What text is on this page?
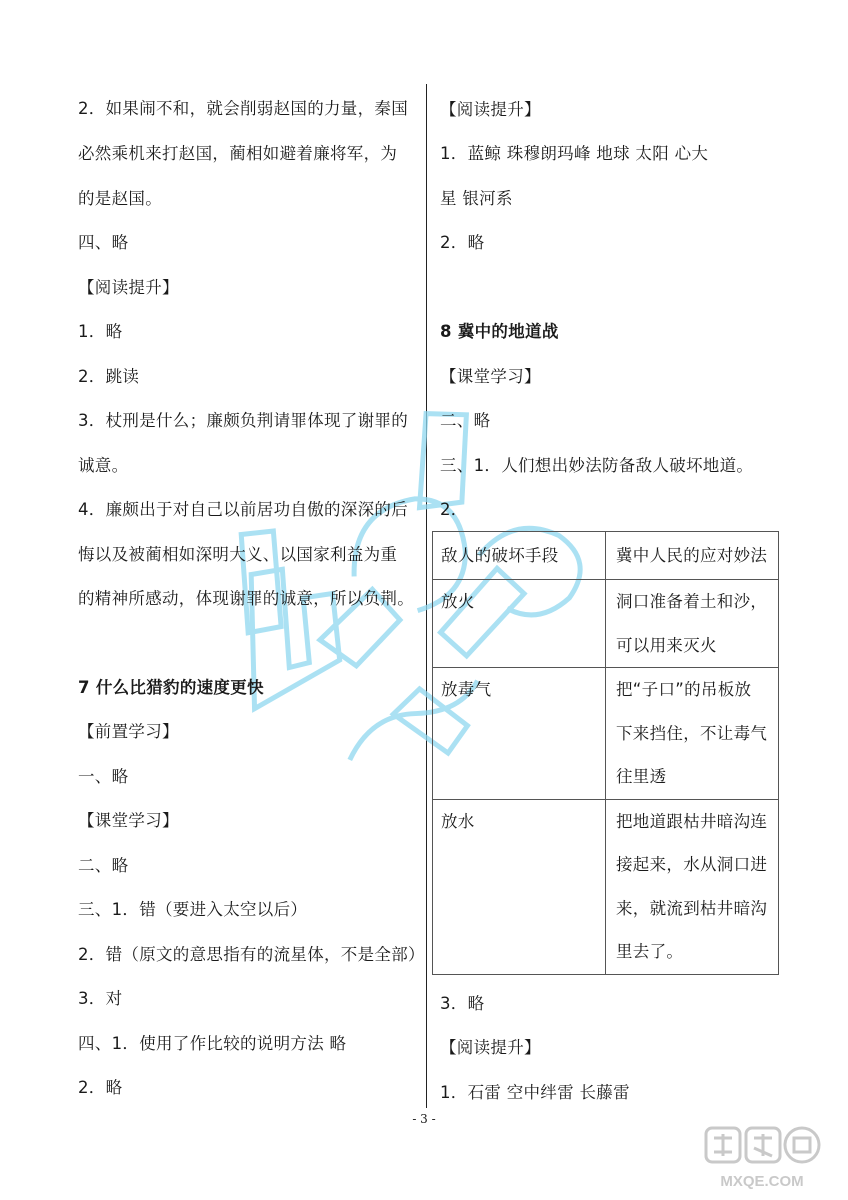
2．如果闹不和，就会削弱赵国的力量，秦国
必然乘机来打赵国，蔺相如避着廉将军，为
的是赵国。
四、略
【阅读提升】
1．略
2．跳读
3．杖刑是什么；廉颇负荆请罪体现了谢罪的
诚意。
4．廉颇出于对自己以前居功自傲的深深的后
悔以及被蔺相如深明大义、以国家利益为重
的精神所感动，体现谢罪的诚意，所以负荆。
7 什么比猎豹的速度更快
【前置学习】
一、略
【课堂学习】
二、略
三、1．错（要进入太空以后）
2．错（原文的意思指有的流星体，不是全部）
3．对
四、1．使用了作比较的说明方法 略
2．略
【阅读提升】
1．蓝鲸 珠穆朗玛峰 地球 太阳 心大
星 银河系
2．略
8 冀中的地道战
【课堂学习】
二、略
三、1．人们想出妙法防备敌人破坏地道。
2．
3．略
【阅读提升】
1．石雷 空中绊雷 长藤雷
敌人的破坏手段	冀中人民的应对妙法

放火	洞口准备着土和沙，
可以用来灭火

放毒气	把“子口”的吊板放
下来挡住，不让毒气
往里透

放水	把地道跟枯井暗沟连
接起来，水从洞口进
来，就流到枯井暗沟
里去了。
- 3 -
MXQE.COM
